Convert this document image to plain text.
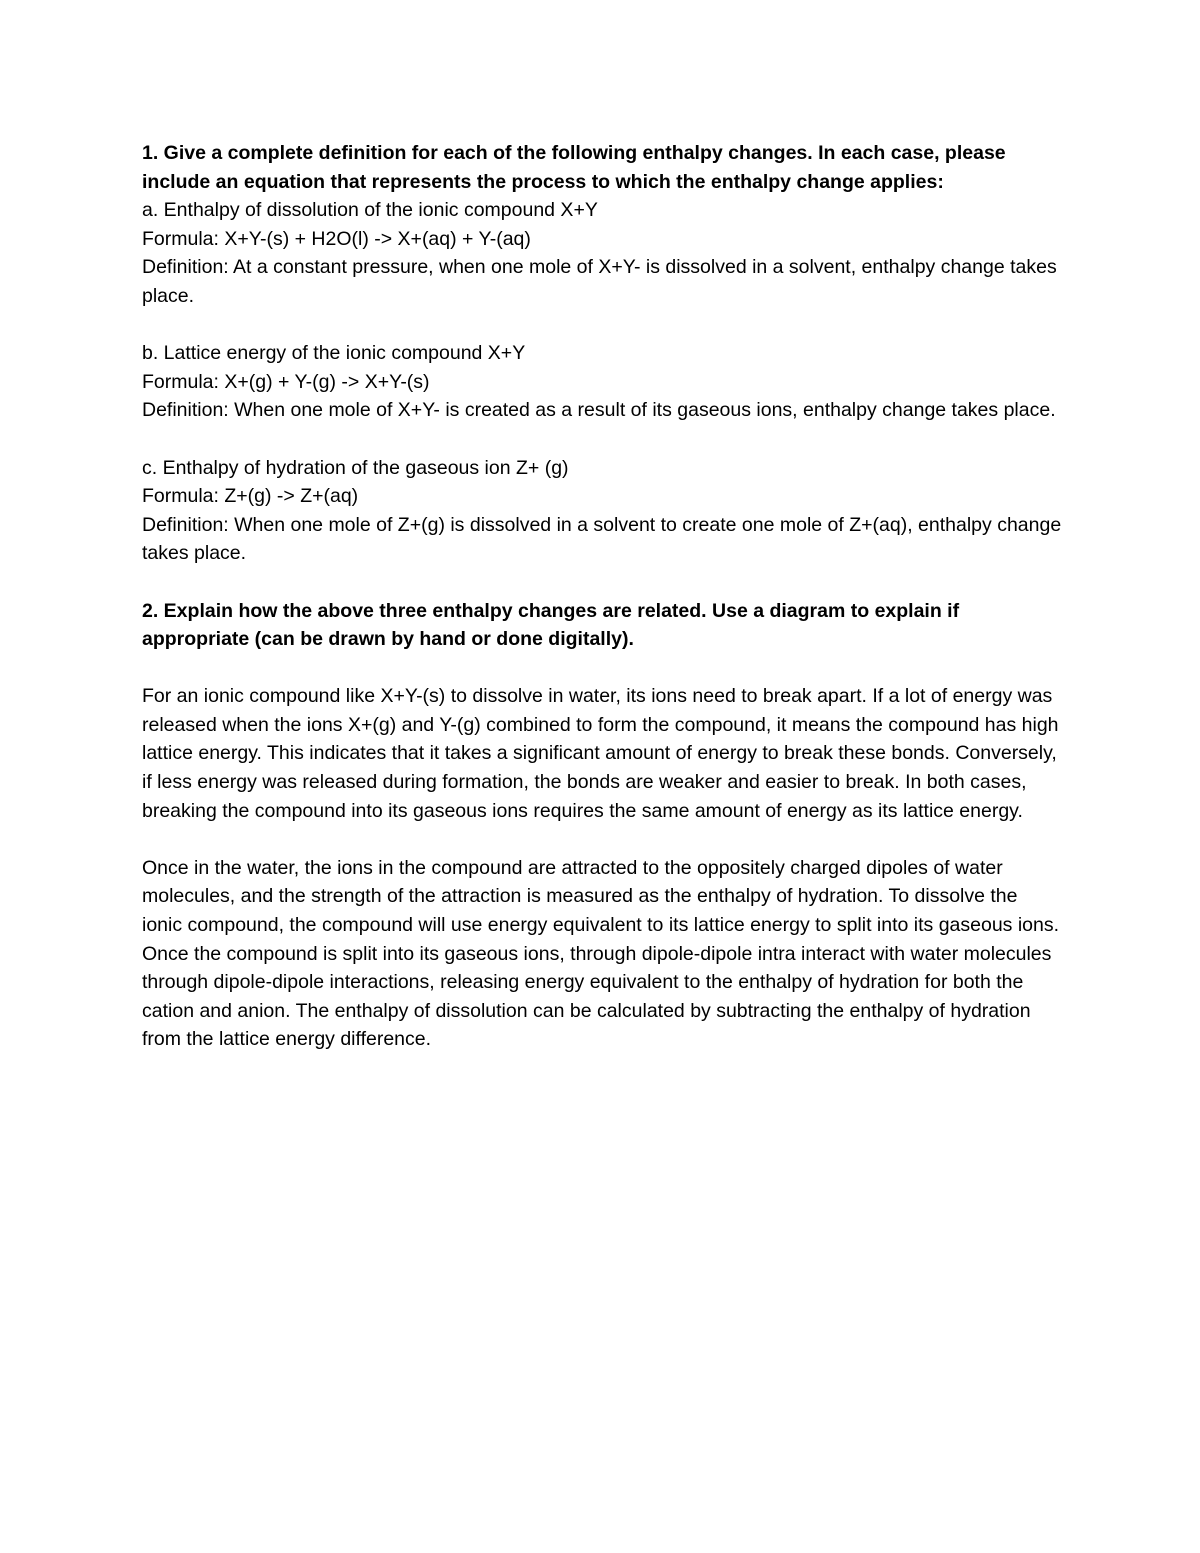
1. Give a complete definition for each of the following enthalpy changes. In each case, please include an equation that represents the process to which the enthalpy change applies:

a. Enthalpy of dissolution of the ionic compound X+Y

Formula: X+Y-(s) + H2O(l) -> X+(aq) + Y-(aq)

Definition: At a constant pressure, when one mole of X+Y- is dissolved in a solvent, enthalpy change takes place.

b. Lattice energy of the ionic compound X+Y

Formula: X+(g) + Y-(g) -> X+Y-(s)

Definition: When one mole of X+Y- is created as a result of its gaseous ions, enthalpy change takes place.

c. Enthalpy of hydration of the gaseous ion Z+ (g)

Formula: Z+(g) -> Z+(aq)

Definition: When one mole of Z+(g) is dissolved in a solvent to create one mole of Z+(aq), enthalpy change takes place.

2. Explain how the above three enthalpy changes are related. Use a diagram to explain if appropriate (can be drawn by hand or done digitally).

For an ionic compound like X+Y-(s) to dissolve in water, its ions need to break apart. If a lot of energy was released when the ions X+(g) and Y-(g) combined to form the compound, it means the compound has high lattice energy. This indicates that it takes a significant amount of energy to break these bonds. Conversely, if less energy was released during formation, the bonds are weaker and easier to break. In both cases, breaking the compound into its gaseous ions requires the same amount of energy as its lattice energy.

Once in the water, the ions in the compound are attracted to the oppositely charged dipoles of water molecules, and the strength of the attraction is measured as the enthalpy of hydration. To dissolve the ionic compound, the compound will use energy equivalent to its lattice energy to split into its gaseous ions. Once the compound is split into its gaseous ions, through dipole-dipole intra interact with water molecules through dipole-dipole interactions, releasing energy equivalent to the enthalpy of hydration for both the cation and anion. The enthalpy of dissolution can be calculated by subtracting the enthalpy of hydration from the lattice energy difference.
